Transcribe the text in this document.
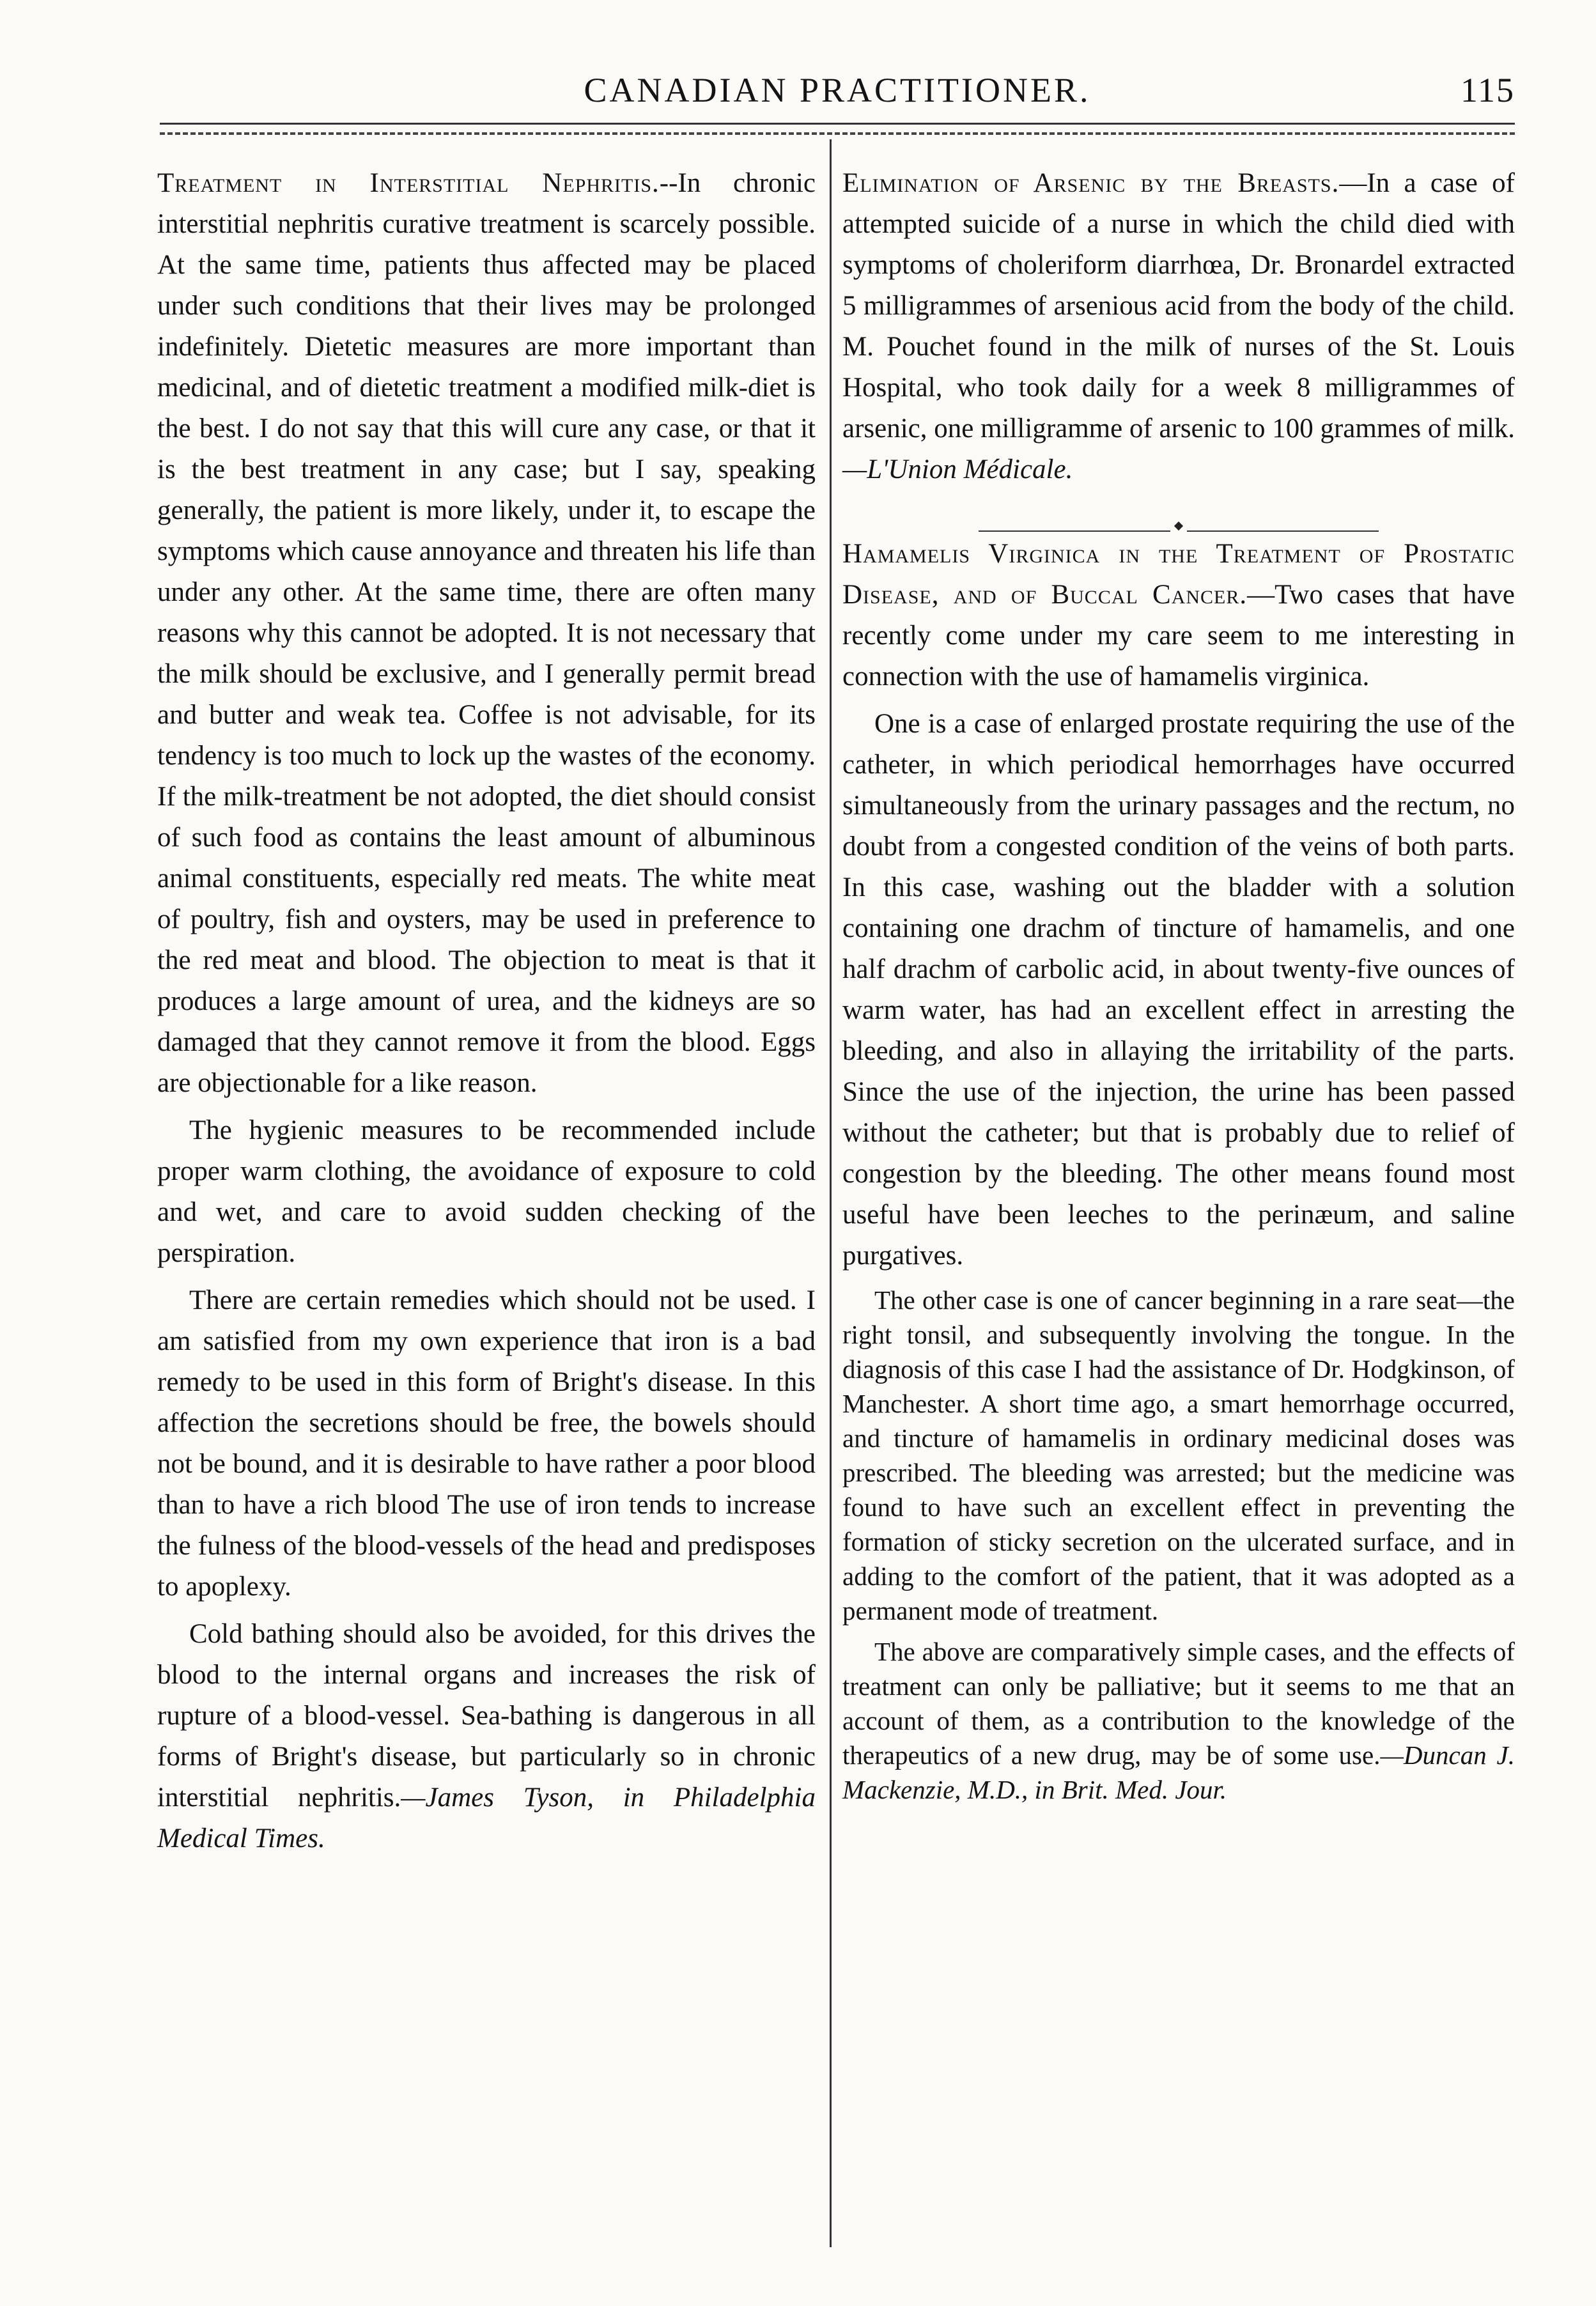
CANADIAN PRACTITIONER.	115

Treatment in Interstitial Nephritis.--In chronic interstitial nephritis curative treatment is scarcely possible. At the same time, patients thus affected may be placed under such conditions that their lives may be prolonged indefinitely. Dietetic measures are more important than medicinal, and of dietetic treatment a modified milk-diet is the best. I do not say that this will cure any case, or that it is the best treatment in any case; but I say, speaking generally, the patient is more likely, under it, to escape the symptoms which cause annoyance and threaten his life than under any other. At the same time, there are often many reasons why this cannot be adopted. It is not necessary that the milk should be exclusive, and I generally permit bread and butter and weak tea. Coffee is not advisable, for its tendency is too much to lock up the wastes of the economy. If the milk-treatment be not adopted, the diet should consist of such food as contains the least amount of albuminous animal constituents, especially red meats. The white meat of poultry, fish and oysters, may be used in preference to the red meat and blood. The objection to meat is that it produces a large amount of urea, and the kidneys are so damaged that they cannot remove it from the blood. Eggs are objectionable for a like reason.

The hygienic measures to be recommended include proper warm clothing, the avoidance of exposure to cold and wet, and care to avoid sudden checking of the perspiration.

There are certain remedies which should not be used. I am satisfied from my own experience that iron is a bad remedy to be used in this form of Bright's disease. In this affection the secretions should be free, the bowels should not be bound, and it is desirable to have rather a poor blood than to have a rich blood The use of iron tends to increase the fulness of the blood-vessels of the head and predisposes to apoplexy.

Cold bathing should also be avoided, for this drives the blood to the internal organs and increases the risk of rupture of a blood-vessel. Sea-bathing is dangerous in all forms of Bright's disease, but particularly so in chronic interstitial nephritis.—James Tyson, in Philadelphia Medical Times.

Elimination of Arsenic by the Breasts.—In a case of attempted suicide of a nurse in which the child died with symptoms of choleriform diarrhœa, Dr. Bronardel extracted 5 milligrammes of arsenious acid from the body of the child. M. Pouchet found in the milk of nurses of the St. Louis Hospital, who took daily for a week 8 milligrammes of arsenic, one milligramme of arsenic to 100 grammes of milk.—L'Union Médicale.

Hamamelis Virginica in the Treatment of Prostatic Disease, and of Buccal Cancer.—Two cases that have recently come under my care seem to me interesting in connection with the use of hamamelis virginica.

One is a case of enlarged prostate requiring the use of the catheter, in which periodical hemorrhages have occurred simultaneously from the urinary passages and the rectum, no doubt from a congested condition of the veins of both parts. In this case, washing out the bladder with a solution containing one drachm of tincture of hamamelis, and one half drachm of carbolic acid, in about twenty-five ounces of warm water, has had an excellent effect in arresting the bleeding, and also in allaying the irritability of the parts. Since the use of the injection, the urine has been passed without the catheter; but that is probably due to relief of congestion by the bleeding. The other means found most useful have been leeches to the perinæum, and saline purgatives.

The other case is one of cancer beginning in a rare seat—the right tonsil, and subsequently involving the tongue. In the diagnosis of this case I had the assistance of Dr. Hodgkinson, of Manchester. A short time ago, a smart hemorrhage occurred, and tincture of hamamelis in ordinary medicinal doses was prescribed. The bleeding was arrested; but the medicine was found to have such an excellent effect in preventing the formation of sticky secretion on the ulcerated surface, and in adding to the comfort of the patient, that it was adopted as a permanent mode of treatment.

The above are comparatively simple cases, and the effects of treatment can only be palliative; but it seems to me that an account of them, as a contribution to the knowledge of the therapeutics of a new drug, may be of some use.—Duncan J. Mackenzie, M.D., in Brit. Med. Jour.
